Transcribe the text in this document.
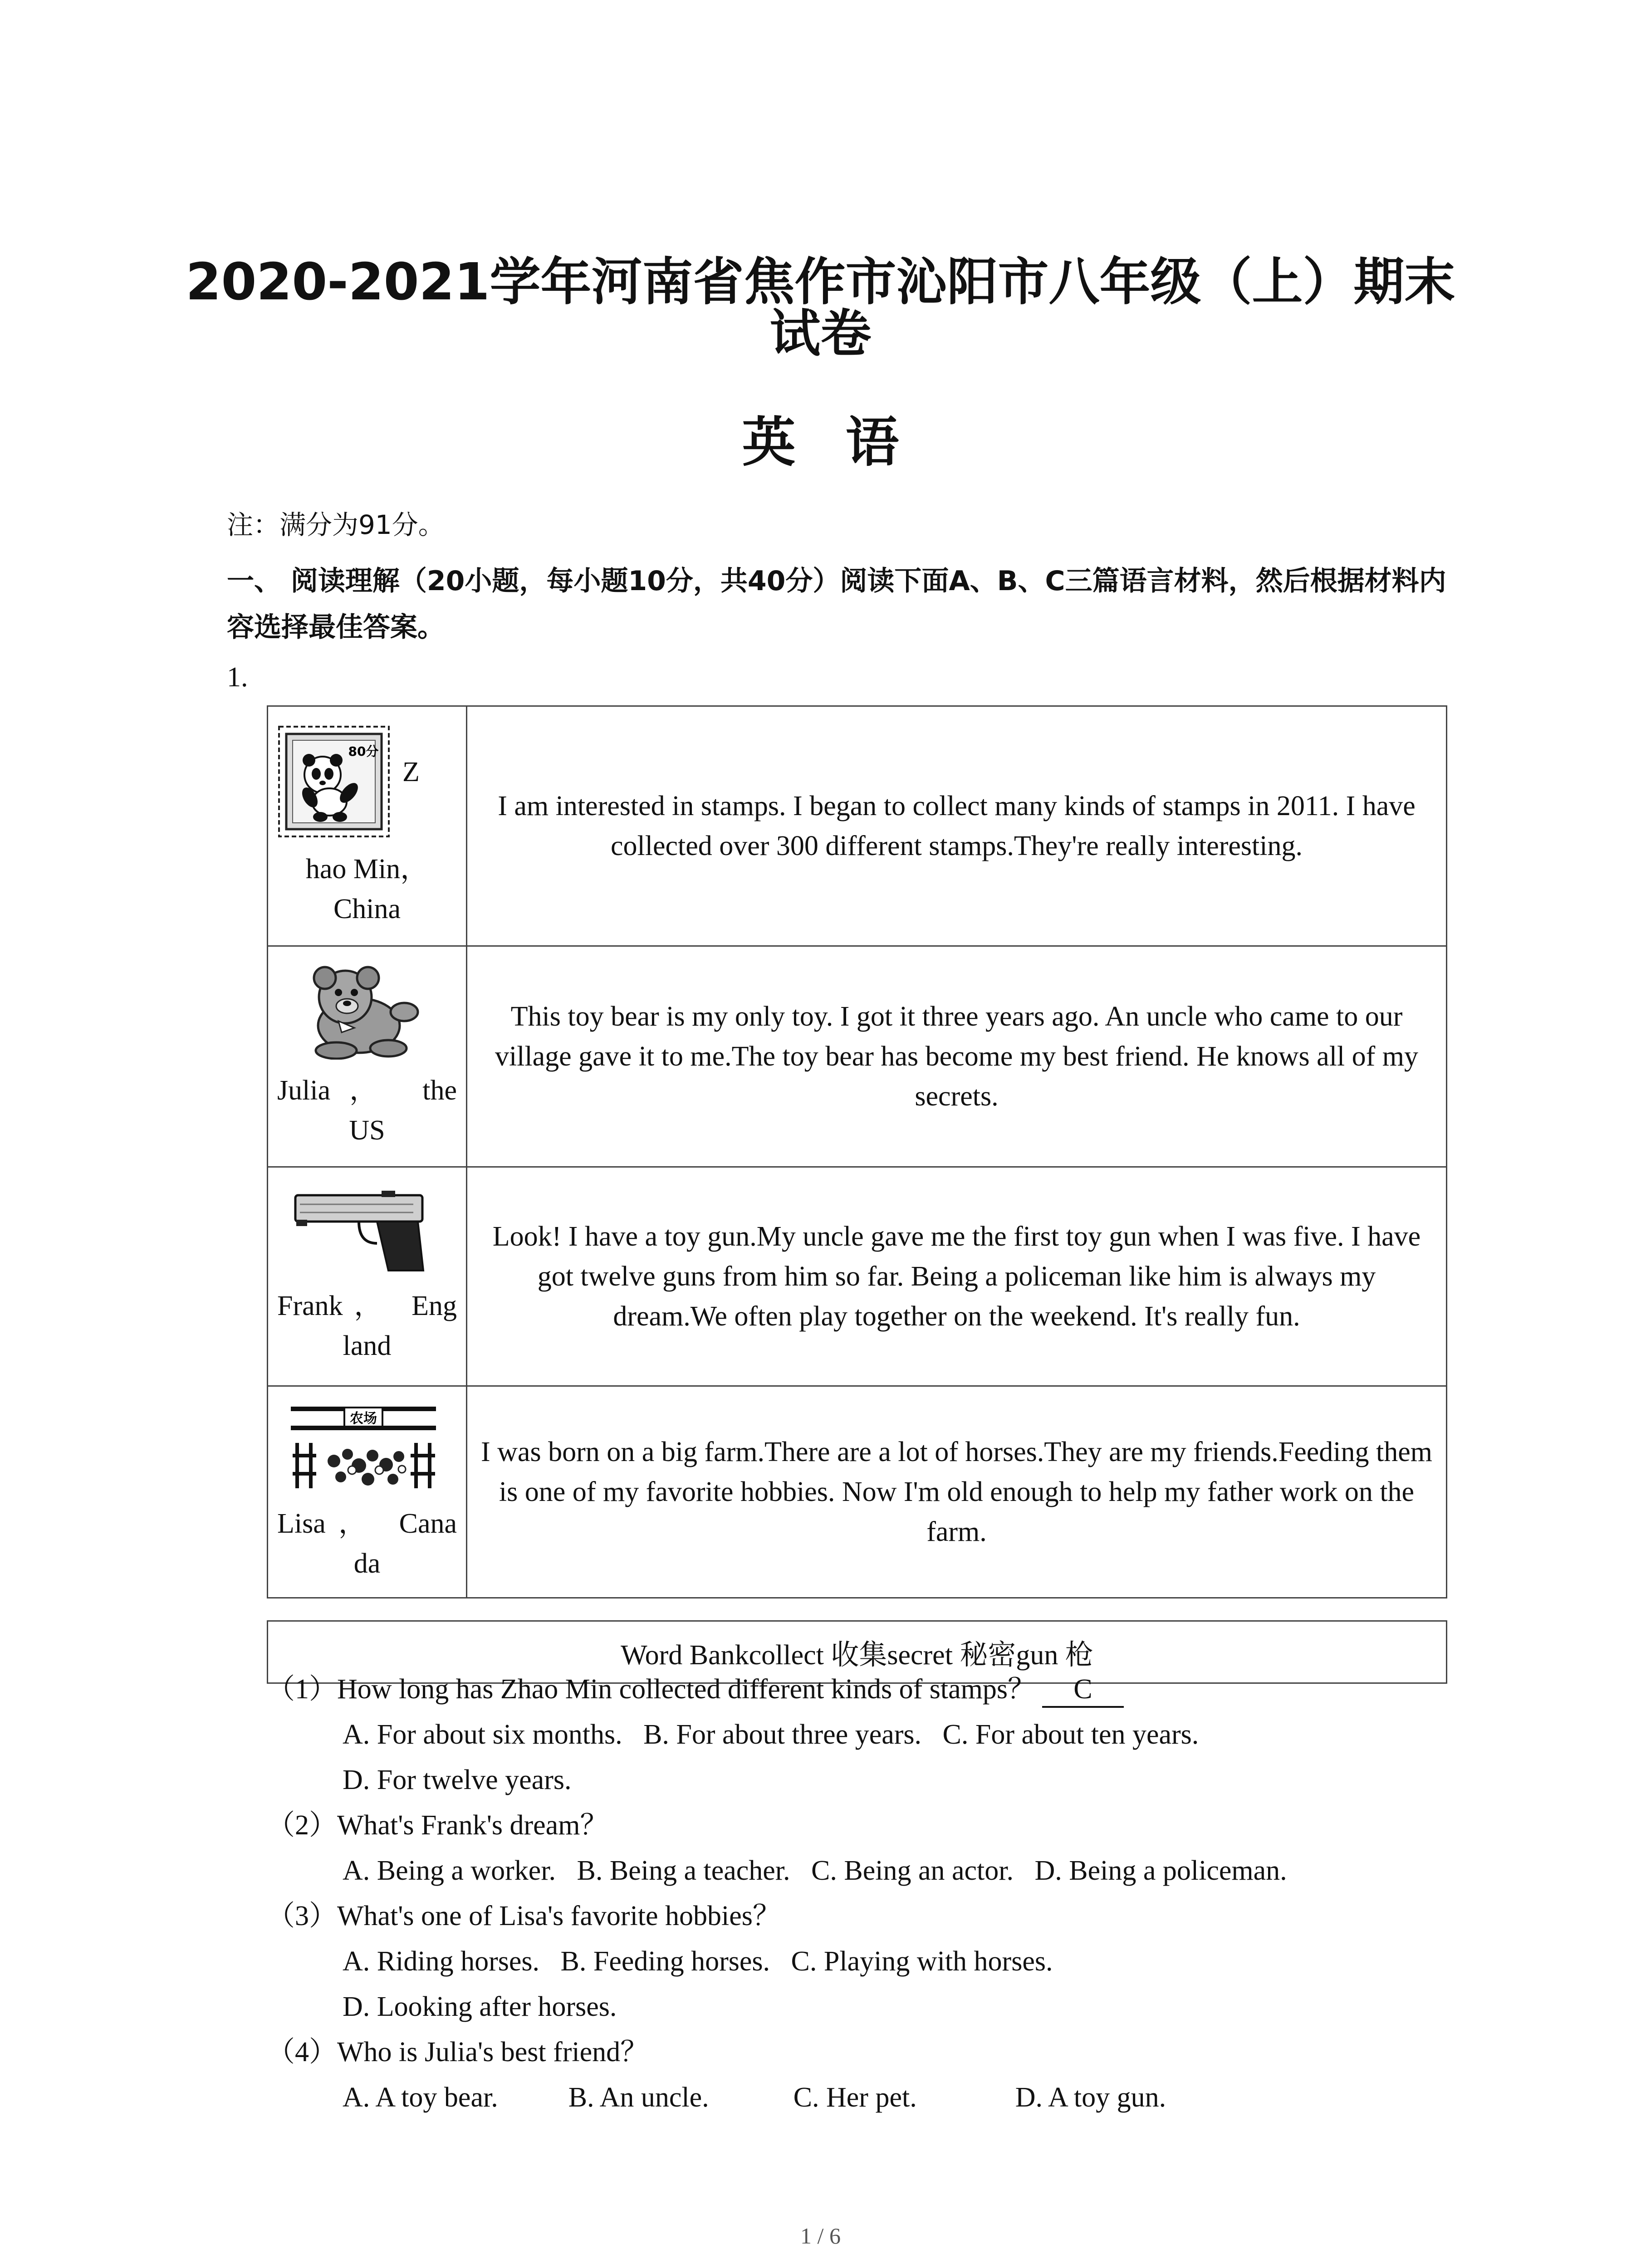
2020-2021学年河南省焦作市沁阳市八年级（上）期末
试卷
英语
注：满分为91分。
一、 阅读理解（20小题，每小题10分，共40分）阅读下面A、B、C三篇语言材料，然后根据材料内容选择最佳答案。
1.
80分
Z
hao Min，
China	I am interested in stamps. I began to collect many kinds of stamps in 2011. I have collected over 300 different stamps.They're really interesting.

Julia， the
US	This toy bear is my only toy. I got it three years ago. An uncle who came to our village gave it to me.The toy bear has become my best friend. He knows all of my secrets.

Frank， Eng
land	Look! I have a toy gun.My uncle gave me the first toy gun when I was five. I have got twelve guns from him so far. Being a policeman like him is always my dream.We often play together on the weekend. It's really fun.

农场
Lisa， Cana
da	I was born on a big farm.There are a lot of horses.They are my friends.Feeding them is one of my favorite hobbies. Now I'm old enough to help my father work on the farm.
Word Bankcollect 收集secret 秘密gun 枪
（1）How long has Zhao Min collected different kinds of stamps？ C
A. For about six months.   B. For about three years.   C. For about ten years.
D. For twelve years.
（2）What's Frank's dream？
A. Being a worker.   B. Being a teacher.   C. Being an actor.   D. Being a policeman.
（3）What's one of Lisa's favorite hobbies？
A. Riding horses.   B. Feeding horses.   C. Playing with horses.
D. Looking after horses.
（4）Who is Julia's best friend？
A. A toy bear.          B. An uncle.            C. Her pet.              D. A toy gun.
1 / 6
